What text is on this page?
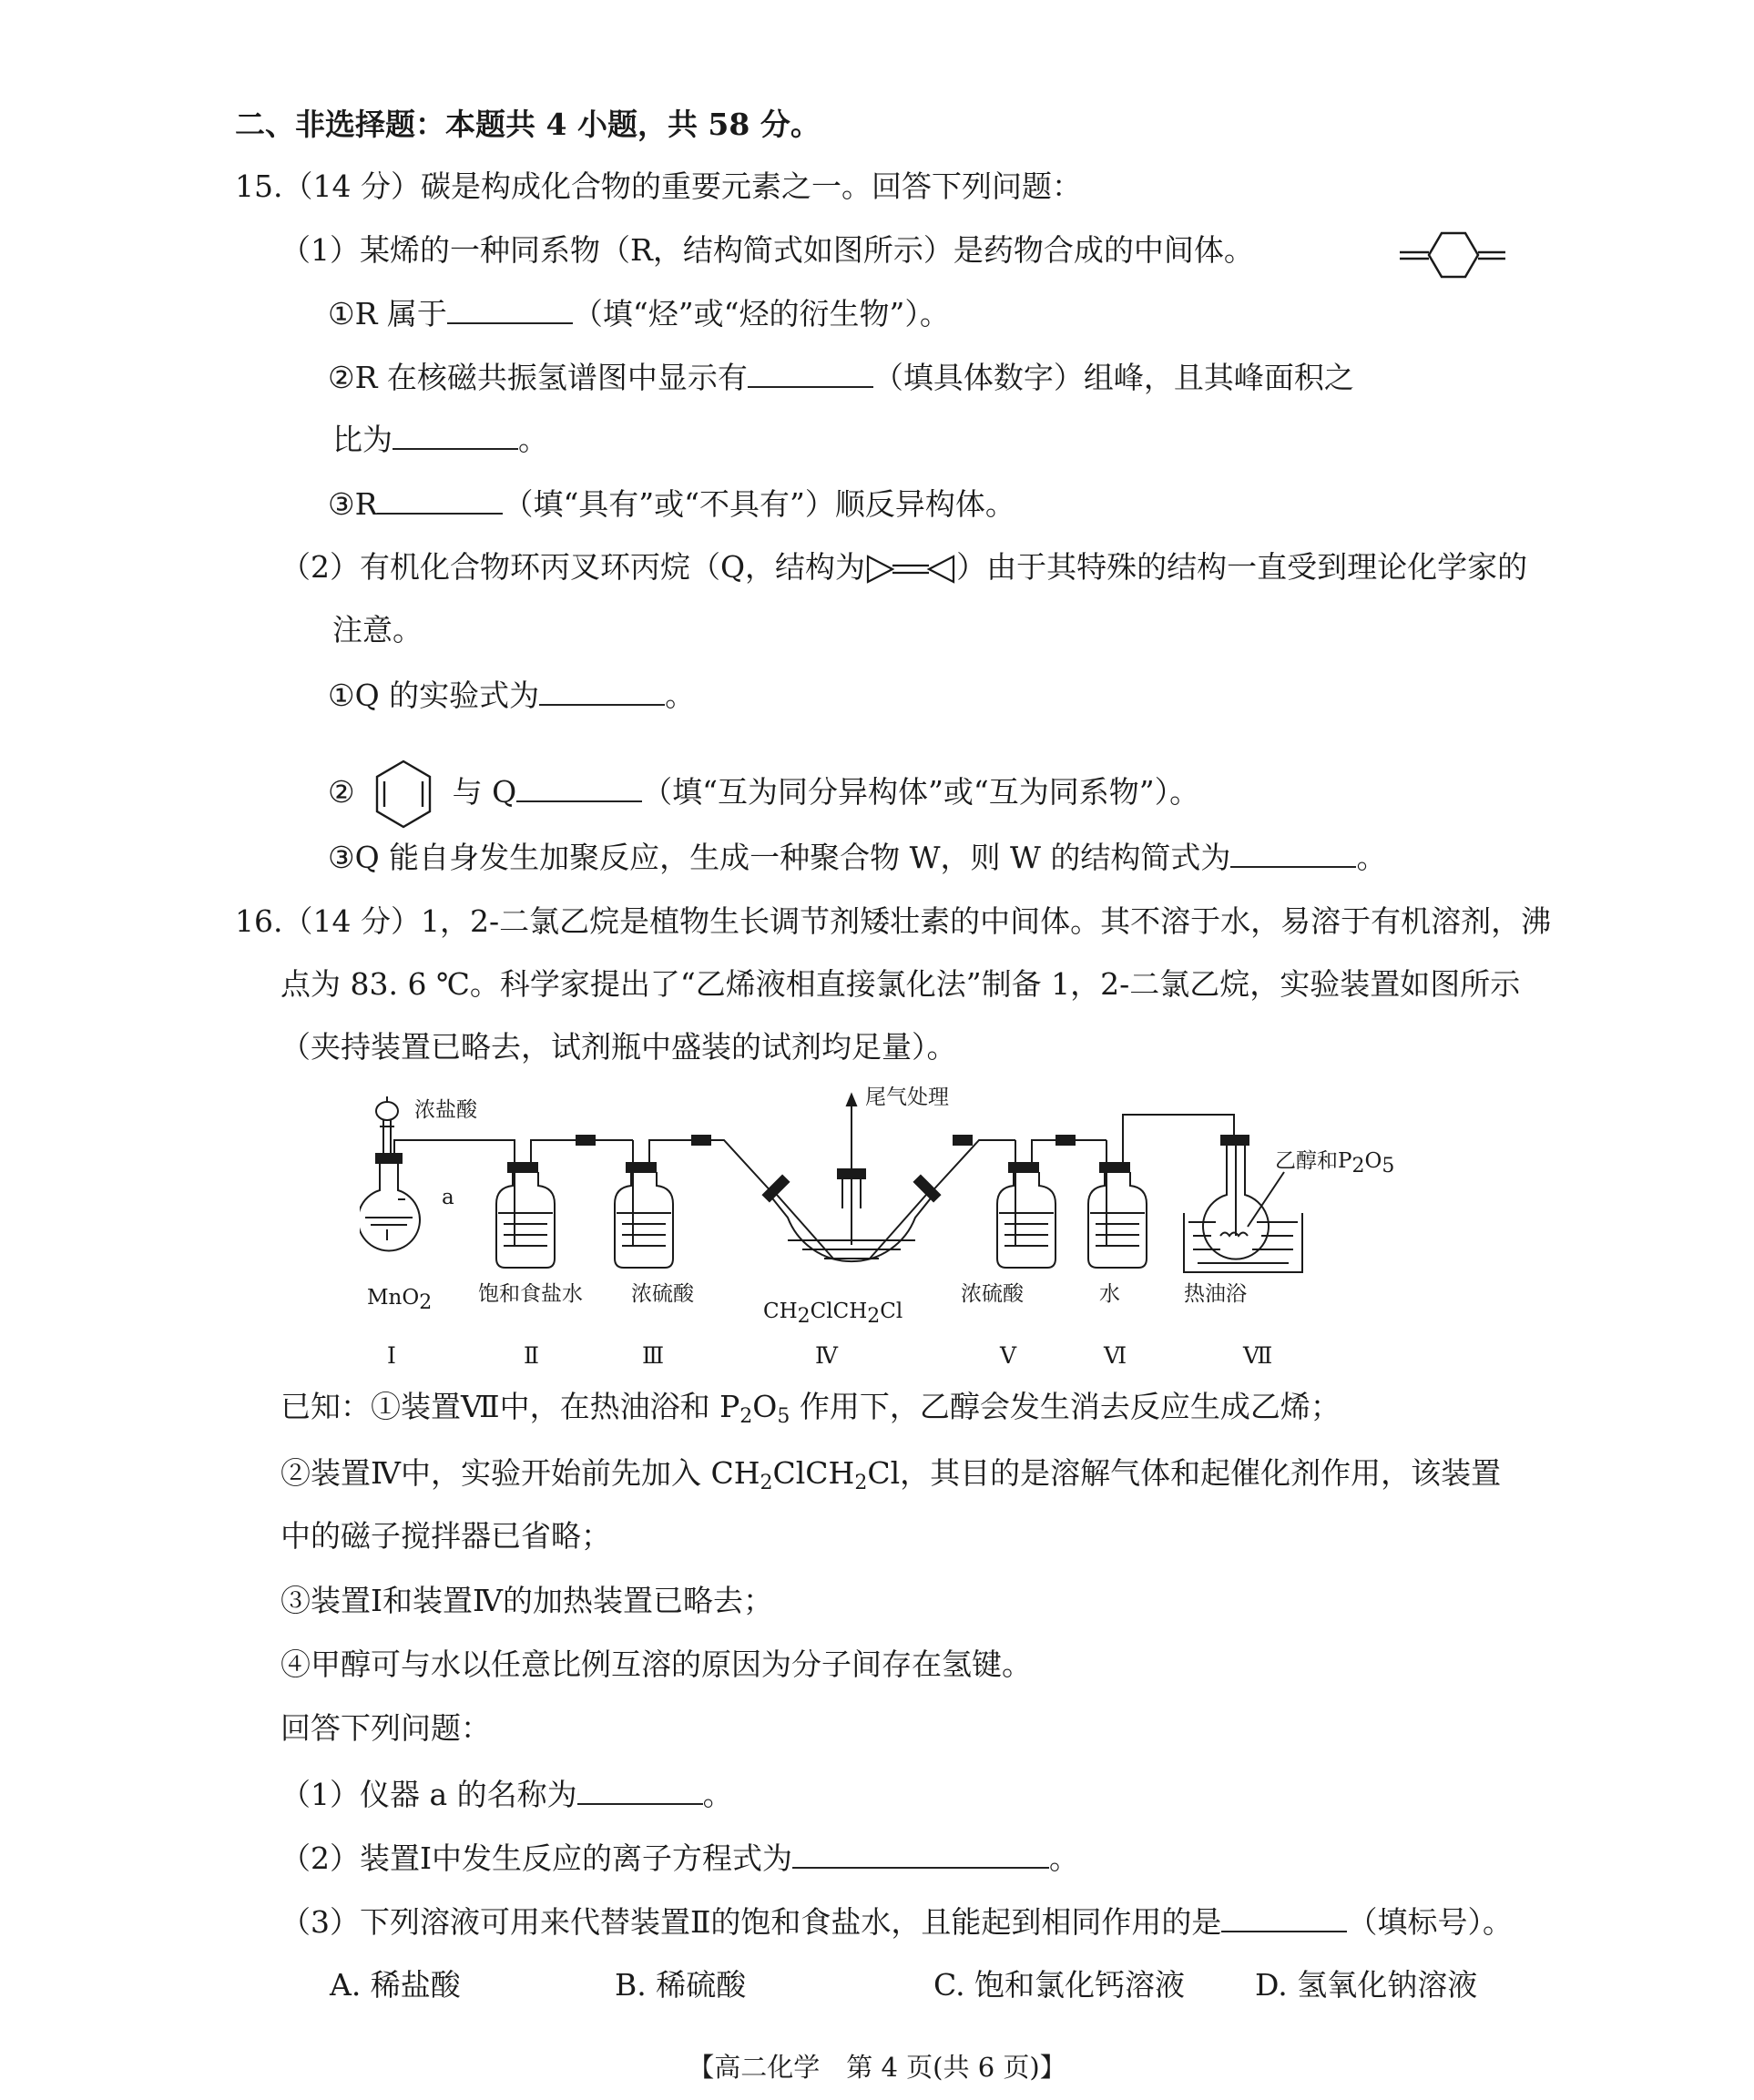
二、非选择题：本题共 4 小题，共 58 分。
15.（14 分）碳是构成化合物的重要元素之一。回答下列问题：
（1）某烯的一种同系物（R，结构简式如图所示）是药物合成的中间体。
①R 属于	（填“烃”或“烃的衍生物”）。
②R 在核磁共振氢谱图中显示有	（填具体数字）组峰，且其峰面积之
比为	。
③R	（填“具有”或“不具有”）顺反异构体。
（2）有机化合物环丙叉环丙烷（Q，结构为	）由于其特殊的结构一直受到理论化学家的
注意。
①Q 的实验式为	。
②	与 Q	（填“互为同分异构体”或“互为同系物”）。
③Q 能自身发生加聚反应，生成一种聚合物 W，则 W 的结构简式为	。
16.（14 分）1，2-二氯乙烷是植物生长调节剂矮壮素的中间体。其不溶于水，易溶于有机溶剂，沸
点为 83. 6 ℃。科学家提出了“乙烯液相直接氯化法”制备 1，2-二氯乙烷，实验装置如图所示
（夹持装置已略去，试剂瓶中盛装的试剂均足量）。
浓盐酸
a
尾气处理
乙醇和P2O5
MnO2 饱和食盐水 浓硫酸
CH2ClCH2Cl
浓硫酸	水	热油浴
Ⅰ	Ⅱ	Ⅲ	Ⅳ	Ⅴ	Ⅵ	Ⅶ
已知：①装置Ⅶ中，在热油浴和 $P_2O_5$ 作用下，乙醇会发生消去反应生成乙烯；
②装置Ⅳ中，实验开始前先加入 $CH_2ClCH_2Cl$，其目的是溶解气体和起催化剂作用，该装置
中的磁子搅拌器已省略；
③装置Ⅰ和装置Ⅳ的加热装置已略去；
④甲醇可与水以任意比例互溶的原因为分子间存在氢键。
回答下列问题：
（1）仪器 a 的名称为	。
（2）装置Ⅰ中发生反应的离子方程式为	。
（3）下列溶液可用来代替装置Ⅱ的饱和食盐水，且能起到相同作用的是	（填标号）。
A. 稀盐酸	B. 稀硫酸	C. 饱和氯化钙溶液 D. 氢氧化钠溶液
【高二化学　第 4 页(共 6 页)】
